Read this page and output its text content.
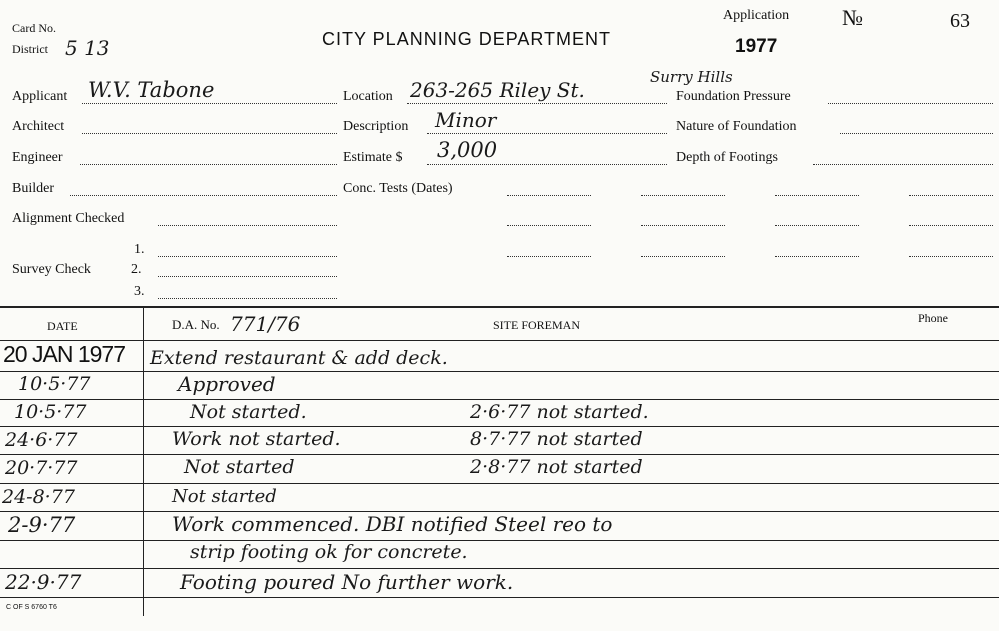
Card No.
District 5 13	CITY PLANNING DEPARTMENT
Application №	63
1977
Applicant W.V. Tabone	Location 263-265 Riley St.
Surry Hills
Foundation Pressure
Architect	Description Minor	Nature of Foundation
Engineer	Estimate $ 3,000	Depth of Footings
Builder	Conc. Tests (Dates)
Alignment Checked
Survey Check
1.
2.
3.
DATE	D.A. No. 771/76	SITE FOREMAN	Phone
20 JAN 1977 Extend restaurant & add deck.
10·5·77	Approved
10·5·77	Not started.	2·6·77 not started.
24·6·77	Work not started.	8·7·77 not started
20·7·77	Not started	2·8·77 not started
24-8·77	Not started
2-9·77	Work commenced. DBI notified Steel reo to
strip footing ok for concrete.
22·9·77	Footing poured No further work.
C OF S 6760 T6
